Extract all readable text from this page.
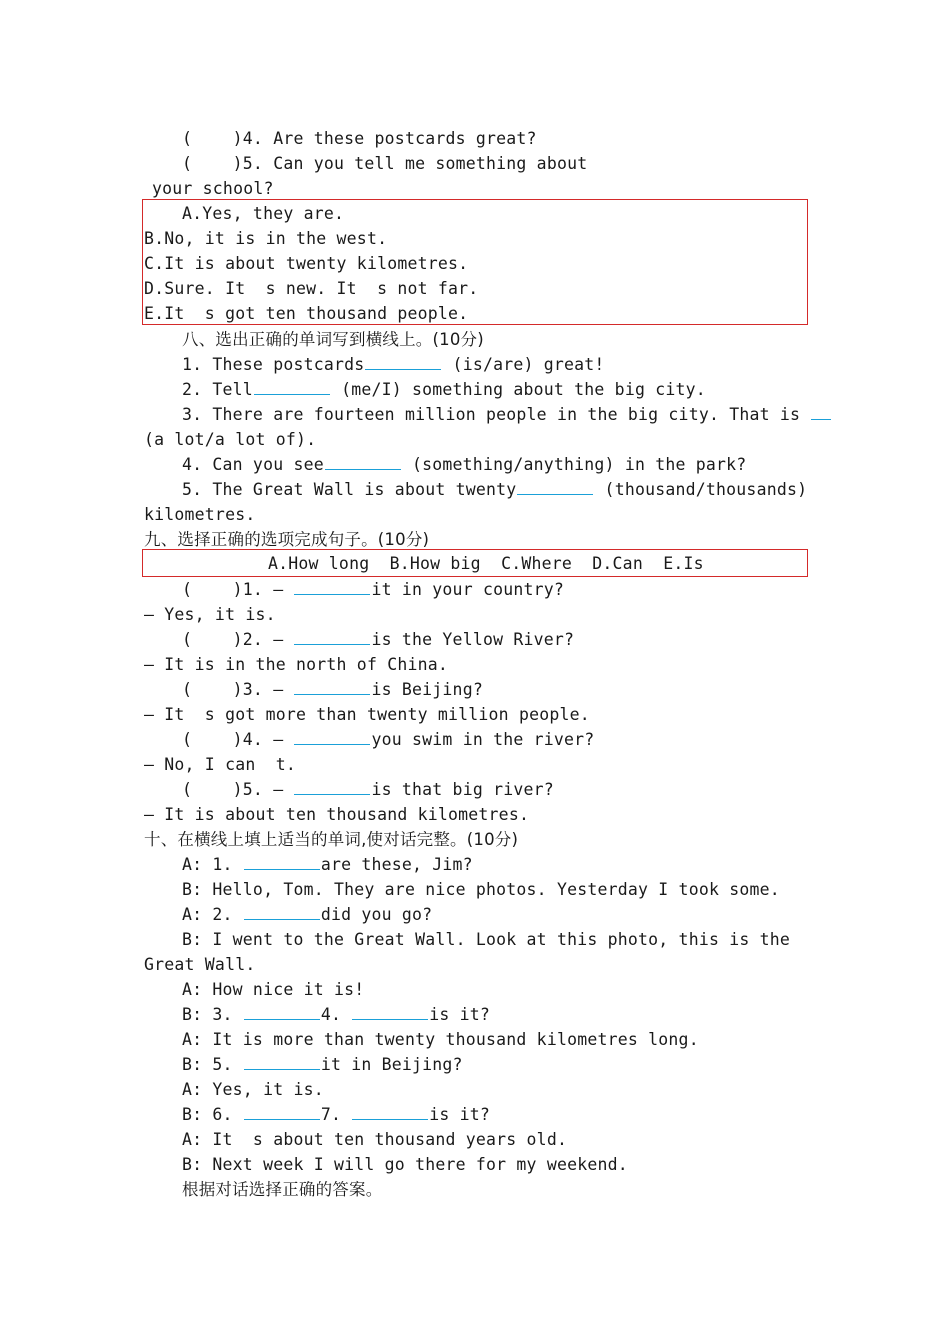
(    )4. Are these postcards great?
(    )5. Can you tell me something about
your school?
A.Yes, they are.
B.No, it is in the west.
C.It is about twenty kilometres.
D.Sure. It  s new. It  s not far.
E.It  s got ten thousand people.
八、选出正确的单词写到横线上。(10分)
1. These postcards	(is/are) great!
2. Tell	(me/I) something about the big city.
3. There are fourteen million people in the big city. That is
(a lot/a lot of).
4. Can you see	(something/anything) in the park?
5. The Great Wall is about twenty	(thousand/thousands)
kilometres.
九、选择正确的选项完成句子。(10分)
A.How long  B.How big  C.Where  D.Can  E.Is
(    )1. —	it in your country?
— Yes, it is.
(    )2. —	is the Yellow River?
— It is in the north of China.
(    )3. —	is Beijing?
— It  s got more than twenty million people.
(    )4. —	you swim in the river?
— No, I can  t.
(    )5. —	is that big river?
— It is about ten thousand kilometres.
十、在横线上填上适当的单词,使对话完整。(10分)
A: 1.	are these, Jim?
B: Hello, Tom. They are nice photos. Yesterday I took some.
A: 2.	did you go?
B: I went to the Great Wall. Look at this photo, this is the
Great Wall.
A: How nice it is!
B: 3.	4.	is it?
A: It is more than twenty thousand kilometres long.
B: 5.	it in Beijing?
A: Yes, it is.
B: 6.	7.	is it?
A: It  s about ten thousand years old.
B: Next week I will go there for my weekend.
根据对话选择正确的答案。
